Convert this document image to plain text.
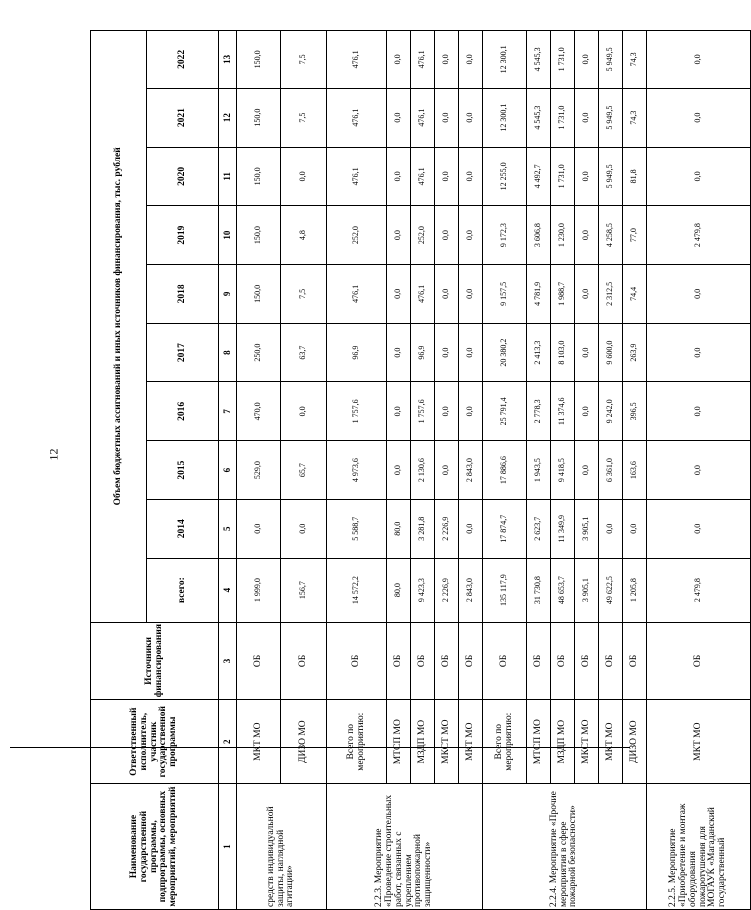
12
Наименование государственной программы, подпрограммы, основных мероприятий, мероприятий	Ответственный исполнитель, участник государственной программы	Источники финансирования	Объем бюджетных ассигнований и иных источников финансирования, тыс. рублей									
			всего:	2014	2015	2016	2017	2018	2019	2020	2021	2022
1	2	3	4	5	6	7	8	9	10	11	12	13
средств индивидуальной защиты, наглядной агитации»	МКТ МО	ОБ	1 999,0	0,0	529,0	470,0	250,0	150,0	150,0	150,0	150,0	150,0
	ДИЗО МО	ОБ	156,7	0,0	65,7	0,0	63,7	7,5	4,8	0,0	7,5	7,5
2.2.3. Мероприятие «Проведение строительных работ, связанных с укреплением противопожарной защищенности»	Всего по мероприятию:	ОБ	14 572,2	5 588,7	4 973,6	1 757,6	96,9	476,1	252,0	476,1	476,1	476,1
	МТСП МО	ОБ	80,0	80,0	0,0	0,0	0,0	0,0	0,0	0,0	0,0	0,0
	МЗДП МО	ОБ	9 423,3	3 281,8	2 130,6	1 757,6	96,9	476,1	252,0	476,1	476,1	476,1
	МКСТ МО	ОБ	2 226,9	2 226,9	0,0	0,0	0,0	0,0	0,0	0,0	0,0	0,0
	МКТ МО	ОБ	2 843,0	0,0	2 843,0	0,0	0,0	0,0	0,0	0,0	0,0	0,0
2.2.4. Мероприятие «Прочие мероприятия в сфере пожарной безопасности»	Всего по мероприятию:	ОБ	135 117,9	17 874,7	17 886,6	25 791,4	20 380,2	9 157,5	9 172,3	12 255,0	12 300,1	12 300,1
	МТСП МО	ОБ	31 730,8	2 623,7	1 943,5	2 778,3	2 413,3	4 781,9	3 606,8	4 492,7	4 545,3	4 545,3
	МЗДП МО	ОБ	48 653,7	11 349,9	9 418,5	11 374,6	8 103,0	1 988,7	1 230,0	1 731,0	1 731,0	1 731,0
	МКСТ МО	ОБ	3 905,1	3 905,1	0,0	0,0	0,0	0,0	0,0	0,0	0,0	0,0
	МКТ МО	ОБ	49 622,5	0,0	6 361,0	9 242,0	9 600,0	2 312,5	4 258,5	5 949,5	5 949,5	5 949,5
	ДИЗО МО	ОБ	1 205,8	0,0	163,6	396,5	263,9	74,4	77,0	81,8	74,3	74,3
2.2.5. Мероприятие «Приобретение и монтаж оборудования пожаротушения для МОГАУК «Магаданский государственный	МКТ МО	ОБ	2 479,8	0,0	0,0	0,0	0,0	0,0	2 479,8	0,0	0,0	0,0
